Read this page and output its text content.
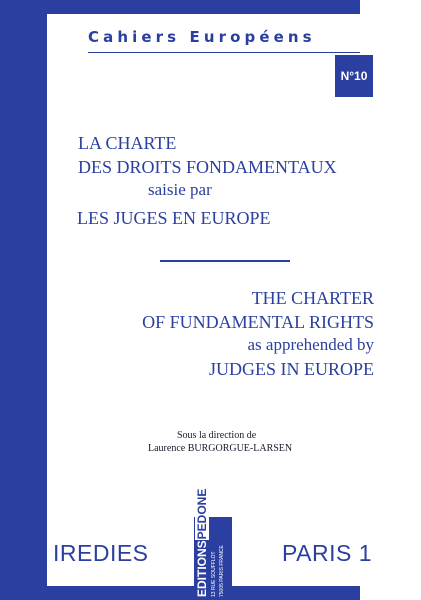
Cahiers Européens
N°10
LA CHARTE
DES DROITS FONDAMENTAUX
saisie par
LES JUGES EN EUROPE
THE CHARTER
OF FUNDAMENTAL RIGHTS
as apprehended by
JUDGES IN EUROPE
Sous la direction de
Laurence BURGORGUE-LARSEN
IREDIES	PARIS 1
EDITIONSPEDONE
13 RUE SOUFFLOT 75005 PARIS FRANCE
